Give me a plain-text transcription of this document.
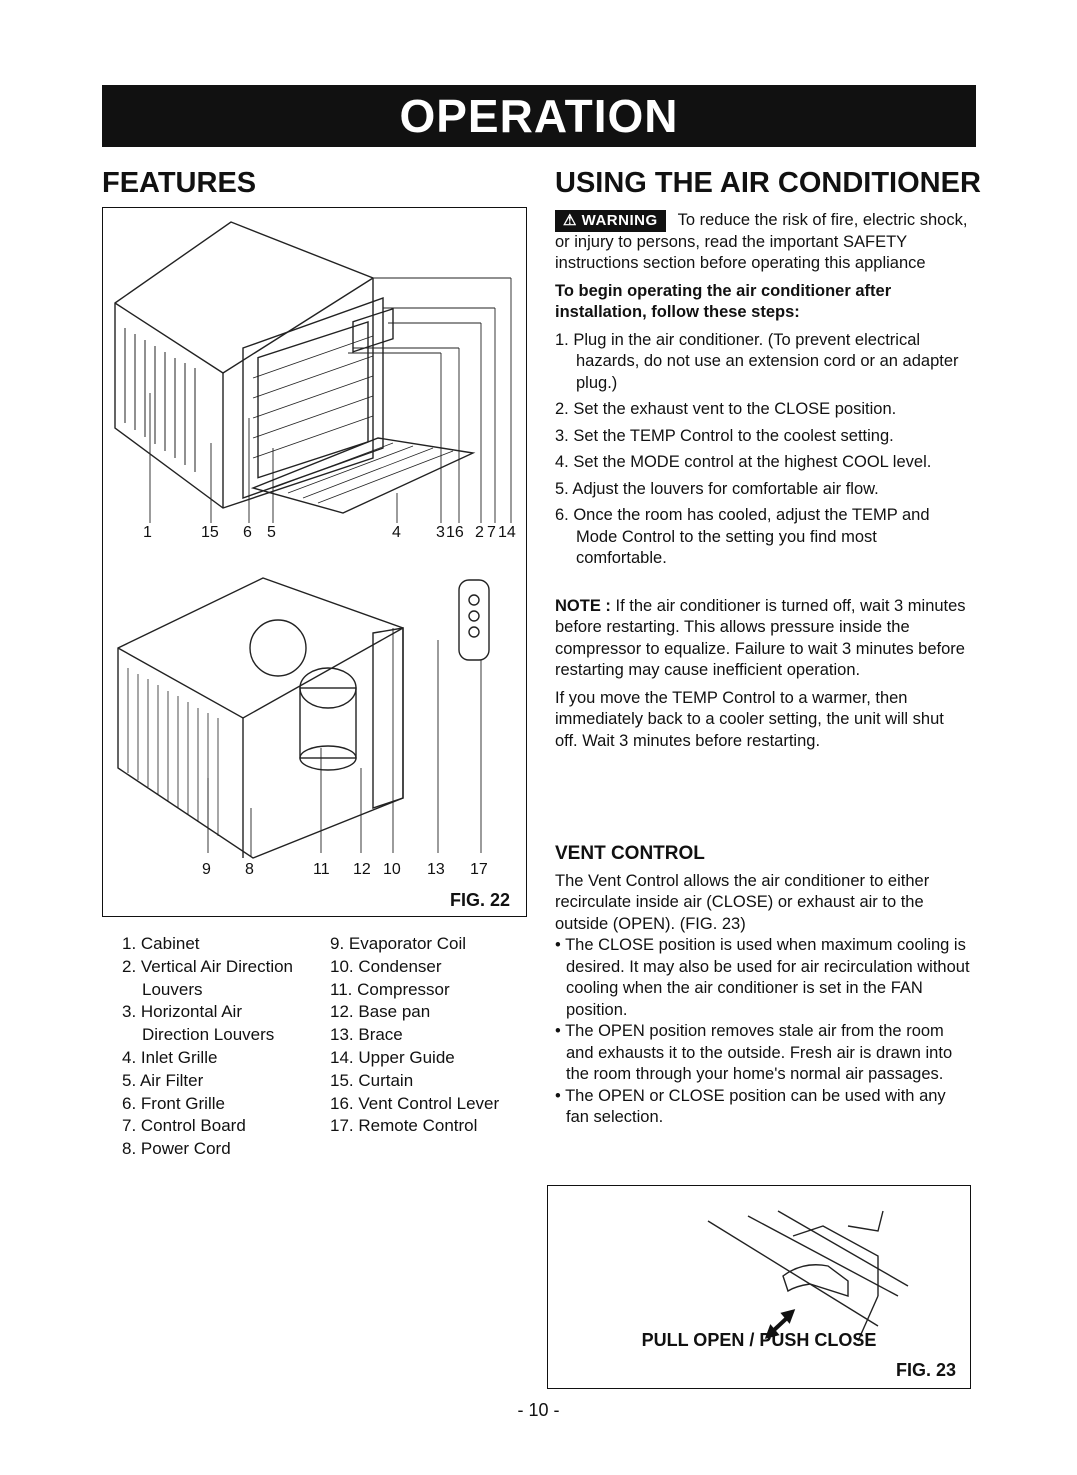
OPERATION
FEATURES
1	15 6 5	4 3 16 2 7 14
9 8	11 12 10 13 17
FIG. 22
1. Cabinet
2. Vertical Air Direction Louvers
3. Horizontal Air Direction Louvers
4. Inlet Grille
5. Air Filter
6. Front Grille
7. Control Board
8. Power Cord
9. Evaporator Coil
10. Condenser
11. Compressor
12. Base pan
13. Brace
14. Upper Guide
15. Curtain
16. Vent Control Lever
17. Remote Control
USING THE AIR CONDITIONER

⚠ WARNING To reduce the risk of fire, electric shock, or injury to persons, read the important SAFETY instructions section before operating this appliance

To begin operating the air conditioner after installation, follow these steps:

1. Plug in the air conditioner. (To prevent electrical hazards, do not use an extension cord or an adapter plug.)
2. Set the exhaust vent to the CLOSE position.
3. Set the TEMP Control to the coolest setting.
4. Set the MODE control at the highest COOL level.
5. Adjust the louvers for comfortable air flow.
6. Once the room has cooled, adjust the TEMP and Mode Control to the setting you find most comfortable.

NOTE : If the air conditioner is turned off, wait 3 minutes before restarting. This allows pressure inside the compressor to equalize. Failure to wait 3 minutes before restarting may cause inefficient operation.

If you move the TEMP Control to a warmer, then immediately back to a cooler setting, the unit will shut off. Wait 3 minutes before restarting.

VENT CONTROL

The Vent Control allows the air conditioner to either recirculate inside air (CLOSE) or exhaust air to the outside (OPEN). (FIG. 23)

• The CLOSE position is used when maximum cooling is desired. It may also be used for air recirculation without cooling when the air conditioner is set in the FAN position.
• The OPEN position removes stale air from the room and exhausts it to the outside. Fresh air is drawn into the room through your home's normal air passages.
• The OPEN or CLOSE position can be used with any fan selection.
PULL OPEN / PUSH CLOSE
FIG. 23
- 10 -
